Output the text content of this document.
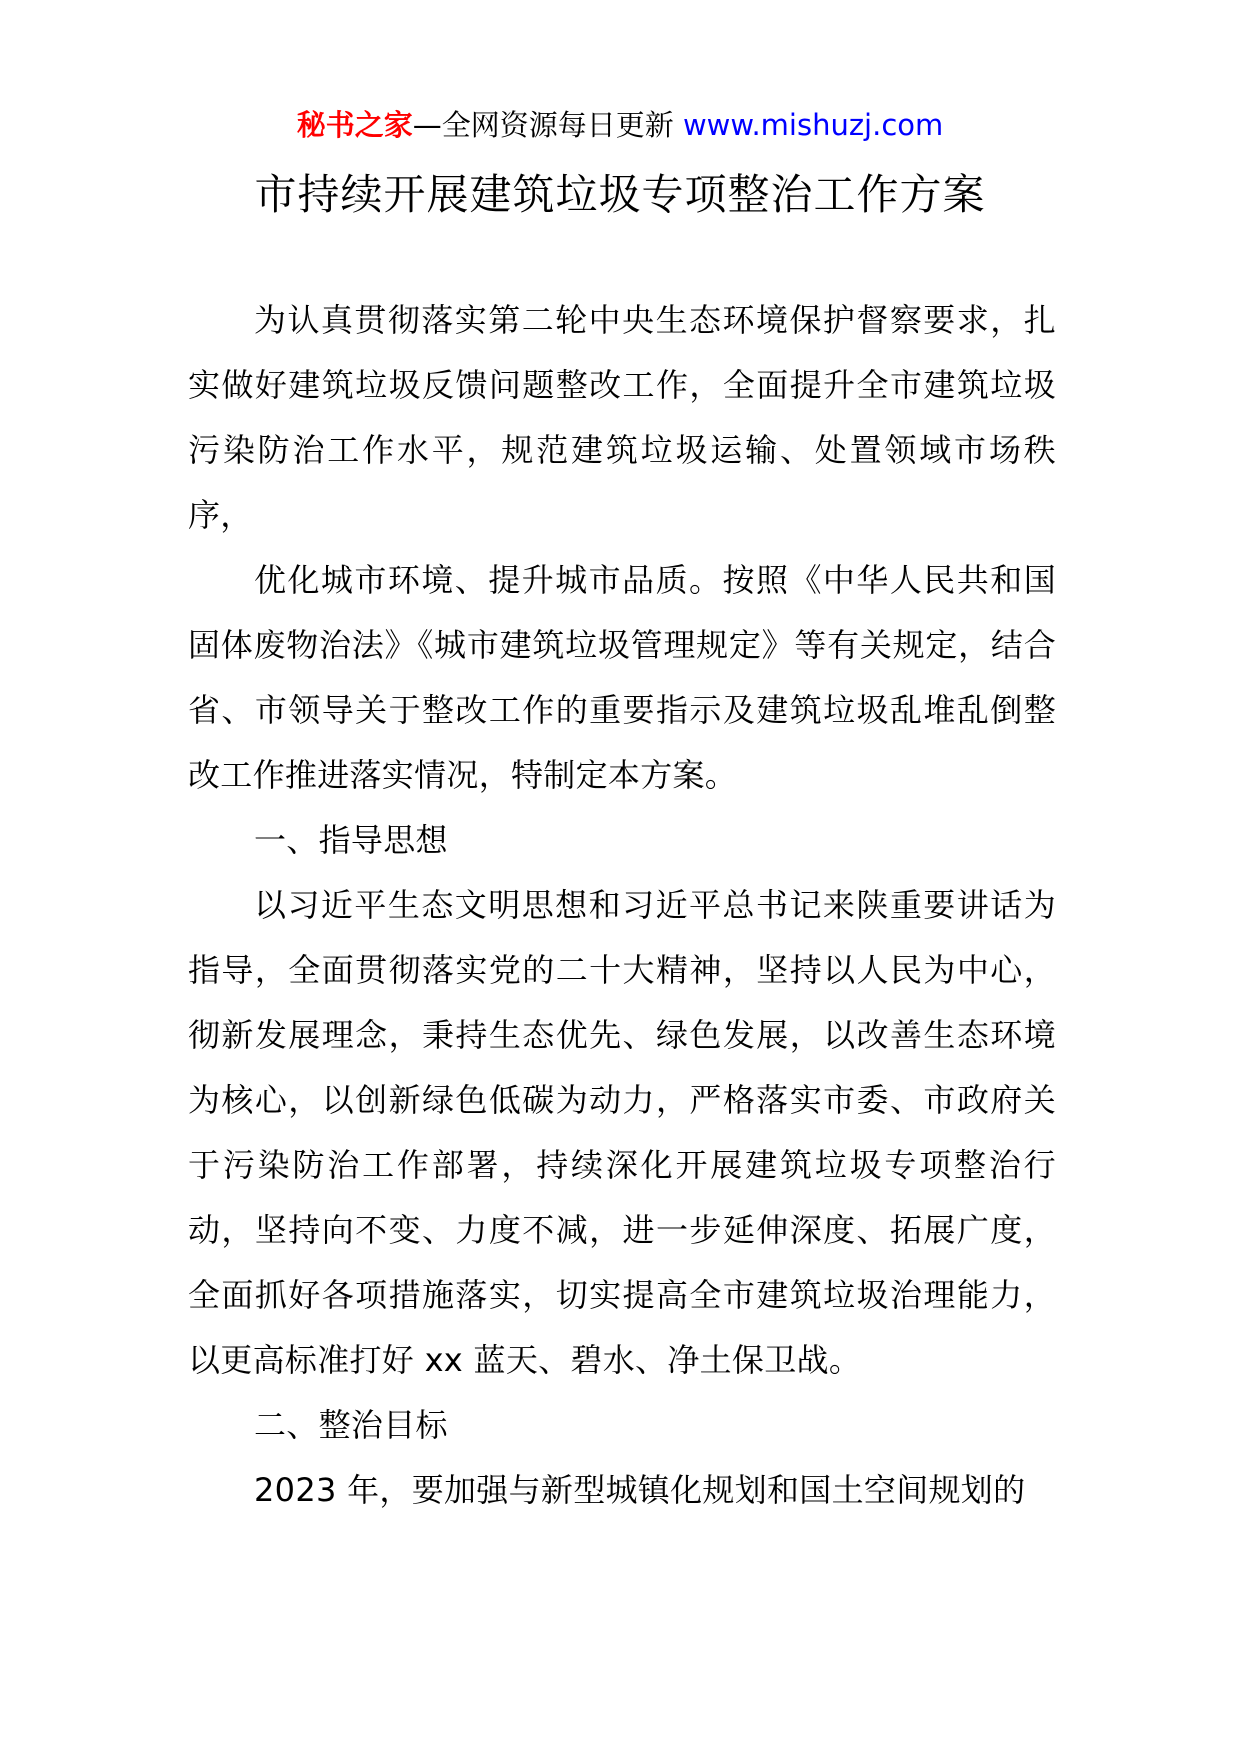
秘书之家—全网资源每日更新 www.mishuzj.com
市持续开展建筑垃圾专项整治工作方案

为认真贯彻落实第二轮中央生态环境保护督察要求，扎实做好建筑垃圾反馈问题整改工作，全面提升全市建筑垃圾污染防治工作水平，规范建筑垃圾运输、处置领域市场秩序，

优化城市环境、提升城市品质。按照《中华人民共和国固体废物治法》《城市建筑垃圾管理规定》等有关规定，结合省、市领导关于整改工作的重要指示及建筑垃圾乱堆乱倒整改工作推进落实情况，特制定本方案。

一、指导思想

以习近平生态文明思想和习近平总书记来陕重要讲话为指导，全面贯彻落实党的二十大精神，坚持以人民为中心，彻新发展理念，秉持生态优先、绿色发展，以改善生态环境为核心，以创新绿色低碳为动力，严格落实市委、市政府关于污染防治工作部署，持续深化开展建筑垃圾专项整治行动，坚持向不变、力度不减，进一步延伸深度、拓展广度，全面抓好各项措施落实，切实提高全市建筑垃圾治理能力，以更高标准打好 xx 蓝天、碧水、净土保卫战。

二、整治目标

2023 年，要加强与新型城镇化规划和国土空间规划的
